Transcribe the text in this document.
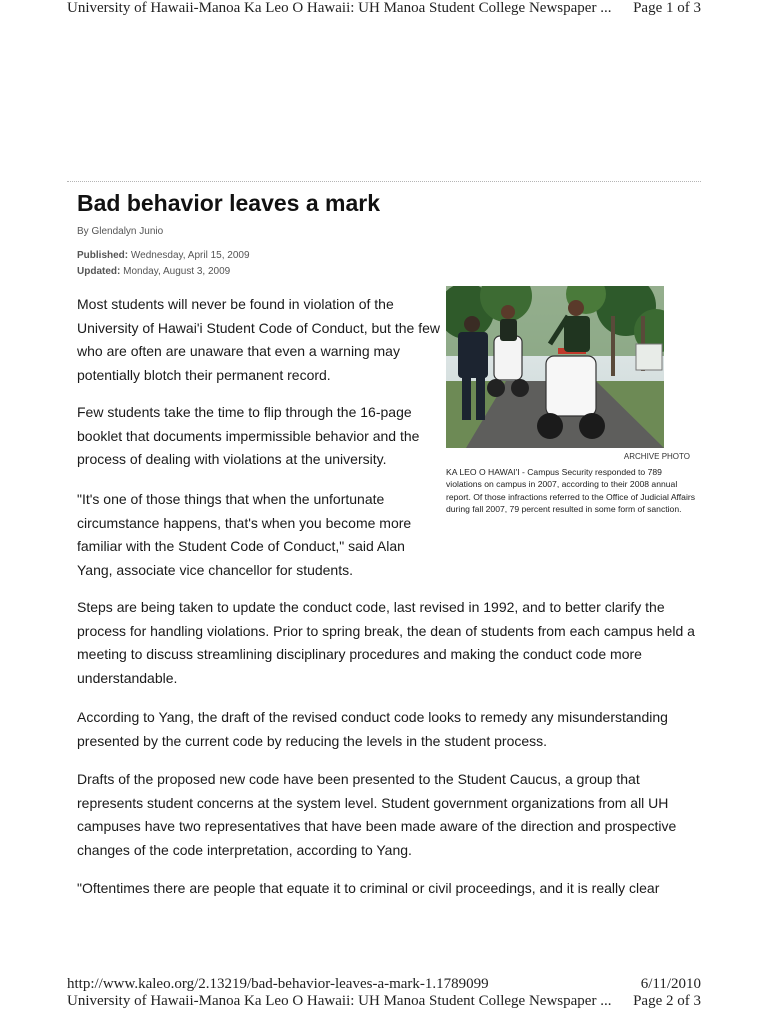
University of Hawaii-Manoa Ka Leo O Hawaii: UH Manoa Student College Newspaper ... Page 1 of 3
Bad behavior leaves a mark
By Glendalyn Junio
Published: Wednesday, April 15, 2009
Updated: Monday, August 3, 2009
Most students will never be found in violation of the University of Hawai'i Student Code of Conduct, but the few who are often are unaware that even a warning may potentially blotch their permanent record.
Few students take the time to flip through the 16-page booklet that documents impermissible behavior and the process of dealing with violations at the university.
"It's one of those things that when the unfortunate circumstance happens, that's when you become more familiar with the Student Code of Conduct," said Alan Yang, associate vice chancellor for students.
Steps are being taken to update the conduct code, last revised in 1992, and to better clarify the process for handling violations. Prior to spring break, the dean of students from each campus held a meeting to discuss streamlining disciplinary procedures and making the conduct code more understandable.
According to Yang, the draft of the revised conduct code looks to remedy any misunderstanding presented by the current code by reducing the levels in the student process.
Drafts of the proposed new code have been presented to the Student Caucus, a group that represents student concerns at the system level. Student government organizations from all UH campuses have two representatives that have been made aware of the direction and prospective changes of the code interpretation, according to Yang.
"Oftentimes there are people that equate it to criminal or civil proceedings, and it is really clear
ARCHIVE PHOTO
KA LEO O HAWAI'I - Campus Security responded to 789 violations on campus in 2007, according to their 2008 annual report. Of those infractions referred to the Office of Judicial Affairs during fall 2007, 79 percent resulted in some form of sanction.
http://www.kaleo.org/2.13219/bad-behavior-leaves-a-mark-1.1789099	6/11/2010
University of Hawaii-Manoa Ka Leo O Hawaii: UH Manoa Student College Newspaper ... Page 2 of 3
